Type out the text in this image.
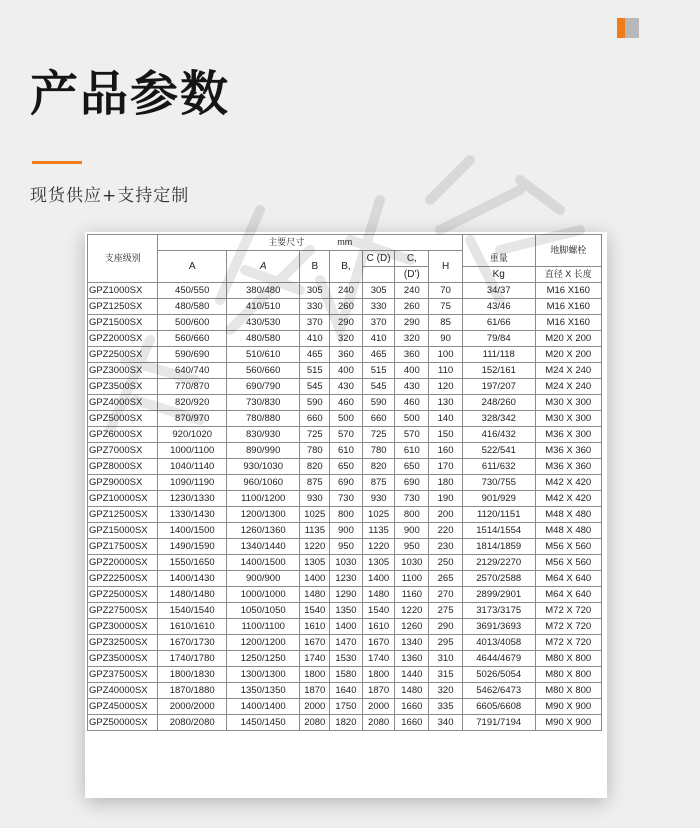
产品参数
现货供应+支持定制
支座级别	主要尺寸 mm							重量	地脚螺栓
	A	A	B	B,	C (D)	C,	H		
						(D')		Kg	直径 X 长度
GPZ1000SX	450/550	380/480	305	240	305	240	70	34/37	M16 X160
GPZ1250SX	480/580	410/510	330	260	330	260	75	43/46	M16 X160
GPZ1500SX	500/600	430/530	370	290	370	290	85	61/66	M16 X160
GPZ2000SX	560/660	480/580	410	320	410	320	90	79/84	M20 X 200
GPZ2500SX	590/690	510/610	465	360	465	360	100	111/118	M20 X 200
GPZ3000SX	640/740	560/660	515	400	515	400	110	152/161	M24 X 240
GPZ3500SX	770/870	690/790	545	430	545	430	120	197/207	M24 X 240
GPZ4000SX	820/920	730/830	590	460	590	460	130	248/260	M30 X 300
GPZ5000SX	870/970	780/880	660	500	660	500	140	328/342	M30 X 300
GPZ6000SX	920/1020	830/930	725	570	725	570	150	416/432	M36 X 300
GPZ7000SX	1000/1100	890/990	780	610	780	610	160	522/541	M36 X 360
GPZ8000SX	1040/1140	930/1030	820	650	820	650	170	611/632	M36 X 360
GPZ9000SX	1090/1190	960/1060	875	690	875	690	180	730/755	M42 X 420
GPZ10000SX	1230/1330	1100/1200	930	730	930	730	190	901/929	M42 X 420
GPZ12500SX	1330/1430	1200/1300	1025	800	1025	800	200	1120/1151	M48 X 480
GPZ15000SX	1400/1500	1260/1360	1135	900	1135	900	220	1514/1554	M48 X 480
GPZ17500SX	1490/1590	1340/1440	1220	950	1220	950	230	1814/1859	M56 X 560
GPZ20000SX	1550/1650	1400/1500	1305	1030	1305	1030	250	2129/2270	M56 X 560
GPZ22500SX	1400/1430	900/900	1400	1230	1400	1100	265	2570/2588	M64 X 640
GPZ25000SX	1480/1480	1000/1000	1480	1290	1480	1160	270	2899/2901	M64 X 640
GPZ27500SX	1540/1540	1050/1050	1540	1350	1540	1220	275	3173/3175	M72 X 720
GPZ30000SX	1610/1610	1100/1100	1610	1400	1610	1260	290	3691/3693	M72 X 720
GPZ32500SX	1670/1730	1200/1200	1670	1470	1670	1340	295	4013/4058	M72 X 720
GPZ35000SX	1740/1780	1250/1250	1740	1530	1740	1360	310	4644/4679	M80 X 800
GPZ37500SX	1800/1830	1300/1300	1800	1580	1800	1440	315	5026/5054	M80 X 800
GPZ40000SX	1870/1880	1350/1350	1870	1640	1870	1480	320	5462/6473	M80 X 800
GPZ45000SX	2000/2000	1400/1400	2000	1750	2000	1660	335	6605/6608	M90 X 900
GPZ50000SX	2080/2080	1450/1450	2080	1820	2080	1660	340	7191/7194	M90 X 900
